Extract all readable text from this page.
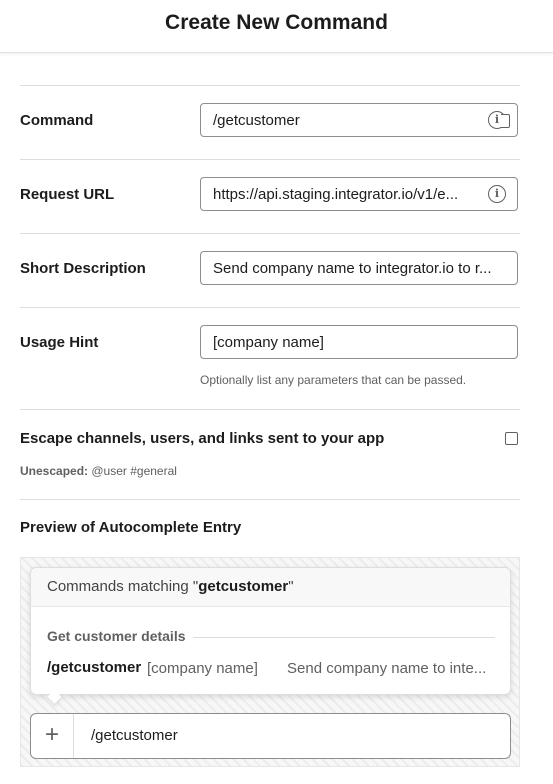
Create New Command
Command
/getcustomer	i
Request URL
https://api.staging.integrator.io/v1/e...	i
Short Description
Send company name to integrator.io to r...
Usage Hint
[company name]
Optionally list any parameters that can be passed.
Escape channels, users, and links sent to your app
Unescaped: @user #general
Preview of Autocomplete Entry
Commands matching "getcustomer"
Get customer details
/getcustomer [company name] Send company name to inte...
+	/getcustomer
